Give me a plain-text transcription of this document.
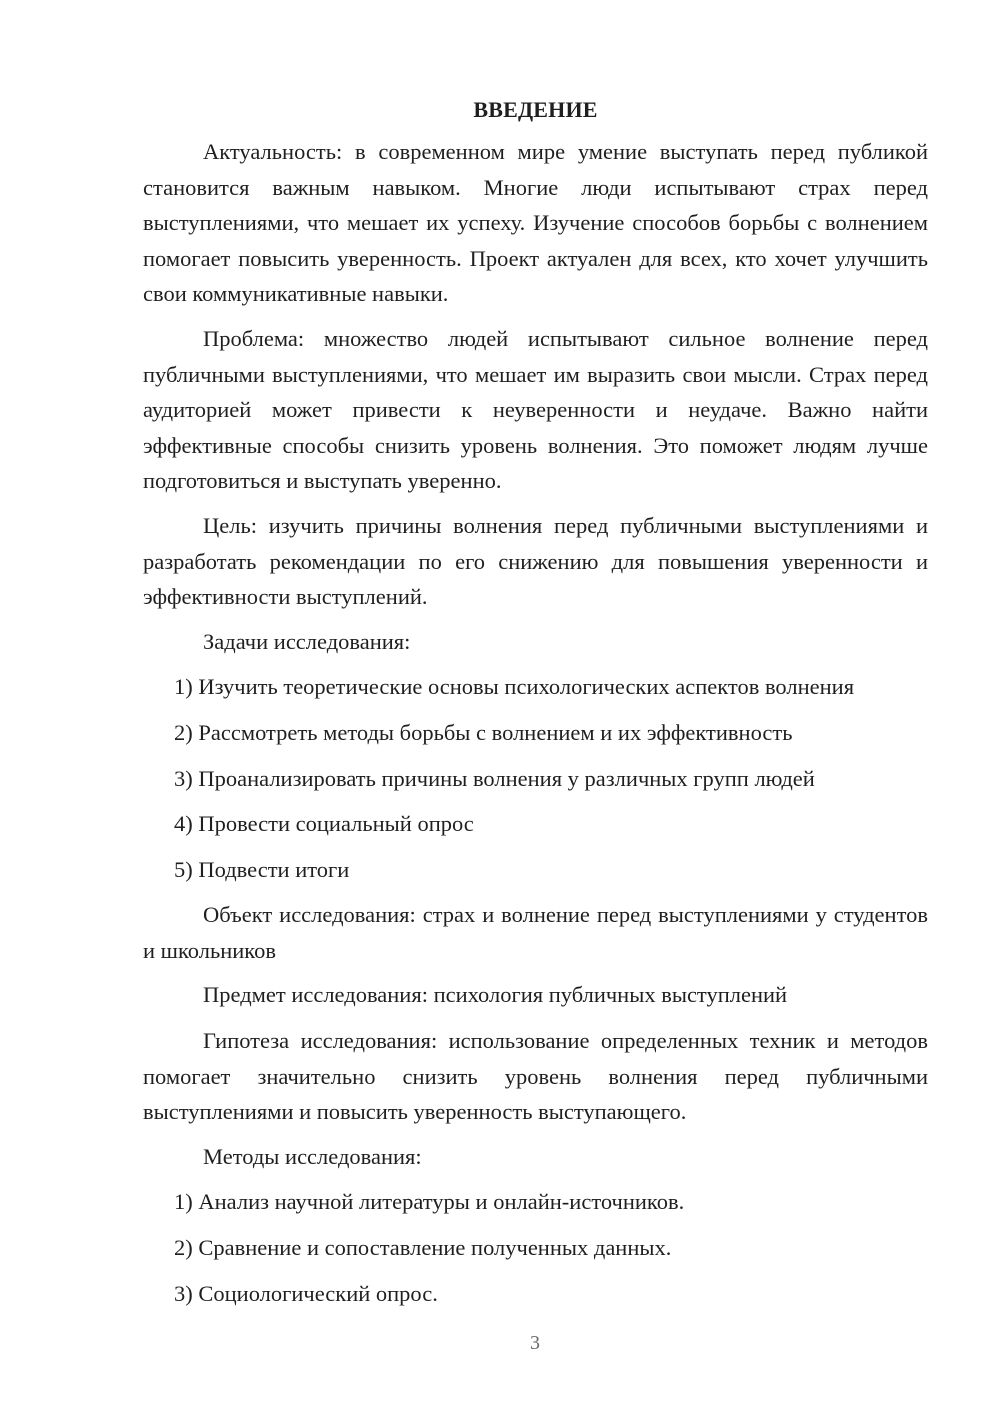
ВВЕДЕНИЕ

Актуальность: в современном мире умение выступать перед публикой становится важным навыком. Многие люди испытывают страх перед выступлениями, что мешает их успеху. Изучение способов борьбы с волнением помогает повысить уверенность. Проект актуален для всех, кто хочет улучшить свои коммуникативные навыки.

Проблема: множество людей испытывают сильное волнение перед публичными выступлениями, что мешает им выразить свои мысли. Страх перед аудиторией может привести к неуверенности и неудаче. Важно найти эффективные способы снизить уровень волнения. Это поможет людям лучше подготовиться и выступать уверенно.

Цель: изучить причины волнения перед публичными выступлениями и разработать рекомендации по его снижению для повышения уверенности и эффективности выступлений.

Задачи исследования:

1) Изучить теоретические основы психологических аспектов волнения

2) Рассмотреть методы борьбы с волнением и их эффективность

3) Проанализировать причины волнения у различных групп людей

4) Провести социальный опрос

5) Подвести итоги

Объект исследования: страх и волнение перед выступлениями у студентов и школьников

Предмет исследования: психология публичных выступлений

Гипотеза исследования: использование определенных техник и методов помогает значительно снизить уровень волнения перед публичными выступлениями и повысить уверенность выступающего.

Методы исследования:

1) Анализ научной литературы и онлайн-источников.

2) Сравнение и сопоставление полученных данных.

3) Социологический опрос.

3
